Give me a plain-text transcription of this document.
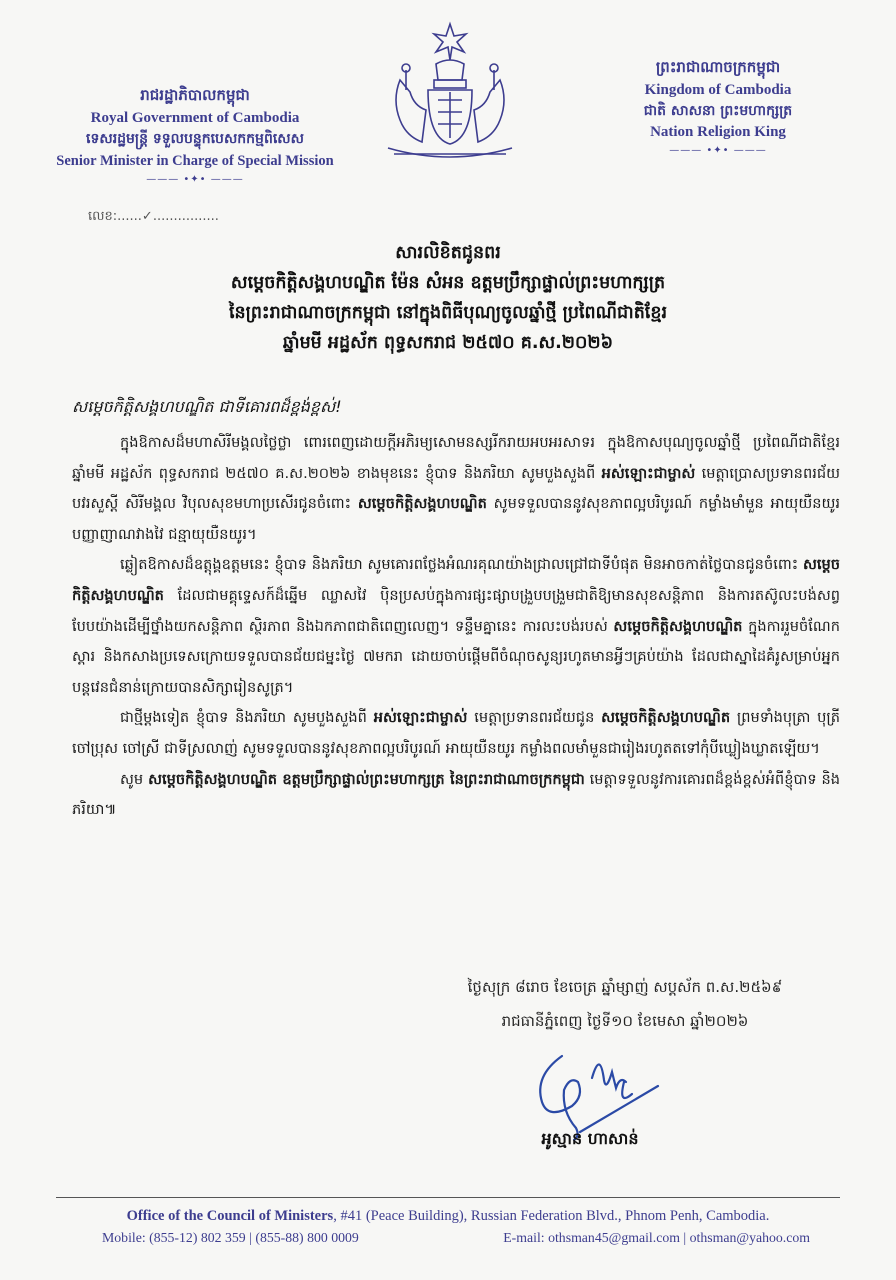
រាជរដ្ឋាភិបាលកម្ពុជា
Royal Government of Cambodia
ទេសរដ្ឋមន្ត្រី ទទួលបន្ទុកបេសកកម្មពិសេស
Senior Minister in Charge of Special Mission
——— •✦• ———
ព្រះរាជាណាចក្រកម្ពុជា
Kingdom of Cambodia
ជាតិ សាសនា ព្រះមហាក្សត្រ
Nation Religion King
——— •✦• ———
លេខ:......✓................
សារលិខិតជូនពរ
សម្តេចកិត្តិសង្គហបណ្ឌិត ម៉ែន សំអន ឧត្តមប្រឹក្សាផ្ទាល់ព្រះមហាក្សត្រ
នៃព្រះរាជាណាចក្រកម្ពុជា នៅក្នុងពិធីបុណ្យចូលឆ្នាំថ្មី ប្រពៃណីជាតិខ្មែរ
ឆ្នាំមមី អដ្ឋស័ក ពុទ្ធសករាជ ២៥៧០ គ.ស.២០២៦
សម្តេចកិត្តិសង្គហបណ្ឌិត ជាទីគោរពដ៏ខ្ពង់ខ្ពស់!

ក្នុងឱកាសដ៏មហាសិរីមង្គលថ្លៃថ្លា ពោរពេញដោយក្តីអភិរម្យសោមនស្សរីករាយអបអរសាទរ ក្នុងឱកាសបុណ្យចូលឆ្នាំថ្មី ប្រពៃណីជាតិខ្មែរ ឆ្នាំមមី អដ្ឋស័ក ពុទ្ធសករាជ ២៥៧០ គ.ស.២០២៦ ខាងមុខនេះ ខ្ញុំបាទ និងភរិយា សូមបួងសួងពី អស់ឡោះជាម្ចាស់ មេត្តាប្រោសប្រទានពរជ័យ បវរសួស្តី សិរីមង្គល វិបុលសុខមហាប្រសើរជូនចំពោះ សម្តេចកិត្តិសង្គហបណ្ឌិត សូមទទួលបាននូវសុខភាពល្អបរិបូរណ៍ កម្លាំងមាំមួន អាយុយឺនយូរ បញ្ញាញាណវាងវៃ ជន្មាយុយឺនយូរ។

ឆ្លៀតឱកាសដ៏ឧត្តុង្គឧត្តមនេះ ខ្ញុំបាទ និងភរិយា សូមគោរពថ្លែងអំណរគុណយ៉ាងជ្រាលជ្រៅជាទីបំផុត មិនអាចកាត់ថ្លៃបានជូនចំពោះ សម្តេចកិត្តិសង្គហបណ្ឌិត ដែលជាមគ្គុទ្ទេសក៍ដ៏ឆ្នើម ឈ្លាសវៃ ប៉ិនប្រសប់ក្នុងការផ្សះផ្សាបង្រួបបង្រួមជាតិឱ្យមានសុខសន្តិភាព និងការតស៊ូលះបង់សព្វបែបយ៉ាងដើម្បីថ្នាំងយកសន្តិភាព ស្ថិរភាព និងឯកភាពជាតិពេញលេញ។ ទន្ទឹមគ្នានេះ ការលះបង់របស់ សម្តេចកិត្តិសង្គហបណ្ឌិត ក្នុងការរួមចំណែកស្តារ និងកសាងប្រទេសក្រោយទទួលបានជ័យជម្នះថ្ងៃ ៧មករា ដោយចាប់ផ្តើមពីចំណុចសូន្យរហូតមានអ្វីៗគ្រប់យ៉ាង ដែលជាស្នាដៃគំរូសម្រាប់អ្នកបន្តវេនជំនាន់ក្រោយបានសិក្សារៀនសូត្រ។

ជាថ្មីម្តងទៀត ខ្ញុំបាទ និងភរិយា សូមបួងសួងពី អស់ឡោះជាម្ចាស់ មេត្តាប្រទានពរជ័យជូន សម្តេចកិត្តិសង្គហបណ្ឌិត ព្រមទាំងបុត្រា បុត្រី ចៅប្រុស ចៅស្រី ជាទីស្រលាញ់ សូមទទួលបាននូវសុខភាពល្អបរិបូរណ៍ អាយុយឺនយូរ កម្លាំងពលមាំមួនជារៀងរហូតតទៅកុំបីឃ្លៀងឃ្លាតឡើយ។

សូម សម្តេចកិត្តិសង្គហបណ្ឌិត ឧត្តមប្រឹក្សាផ្ទាល់ព្រះមហាក្សត្រ នៃព្រះរាជាណាចក្រកម្ពុជា មេត្តាទទួលនូវការគោរពដ៏ខ្ពង់ខ្ពស់អំពីខ្ញុំបាទ និងភរិយា៕

ថ្ងៃសុក្រ ៨រោច ខែចេត្រ ឆ្នាំម្សាញ់ សប្តស័ក ព.ស.២៥៦៩
រាជធានីភ្នំពេញ ថ្ងៃទី១០ ខែមេសា ឆ្នាំ២០២៦
អូស្មាន ហាសាន់
Office of the Council of Ministers, #41 (Peace Building), Russian Federation Blvd., Phnom Penh, Cambodia.
Mobile: (855-12) 802 359 | (855-88) 800 0009	E-mail: othsman45@gmail.com | othsman@yahoo.com
